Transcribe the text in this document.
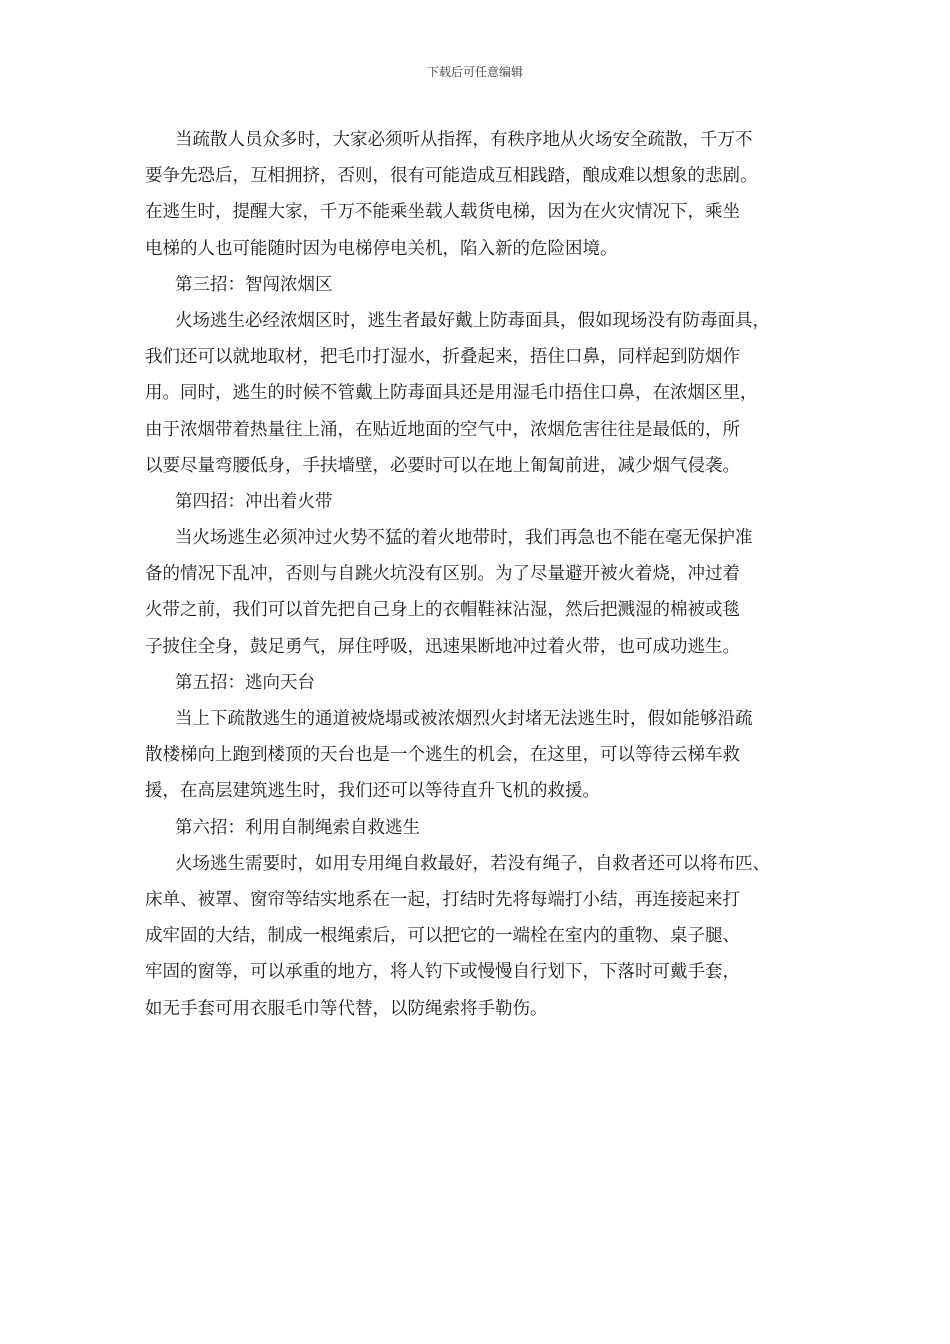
下载后可任意编辑
当疏散人员众多时，大家必须听从指挥，有秩序地从火场安全疏散，千万不
要争先恐后，互相拥挤，否则，很有可能造成互相践踏，酿成难以想象的悲剧。
在逃生时，提醒大家，千万不能乘坐载人载货电梯，因为在火灾情况下，乘坐
电梯的人也可能随时因为电梯停电关机，陷入新的危险困境。
第三招：智闯浓烟区
火场逃生必经浓烟区时，逃生者最好戴上防毒面具，假如现场没有防毒面具，
我们还可以就地取材，把毛巾打湿水，折叠起来，捂住口鼻，同样起到防烟作
用。同时，逃生的时候不管戴上防毒面具还是用湿毛巾捂住口鼻，在浓烟区里，
由于浓烟带着热量往上涌，在贴近地面的空气中，浓烟危害往往是最低的，所
以要尽量弯腰低身，手扶墙壁，必要时可以在地上匍匐前进，减少烟气侵袭。
第四招：冲出着火带
当火场逃生必须冲过火势不猛的着火地带时，我们再急也不能在毫无保护准
备的情况下乱冲，否则与自跳火坑没有区别。为了尽量避开被火着烧，冲过着
火带之前，我们可以首先把自己身上的衣帽鞋袜沾湿，然后把溅湿的棉被或毯
子披住全身，鼓足勇气，屏住呼吸，迅速果断地冲过着火带，也可成功逃生。
第五招：逃向天台
当上下疏散逃生的通道被烧塌或被浓烟烈火封堵无法逃生时，假如能够沿疏
散楼梯向上跑到楼顶的天台也是一个逃生的机会，在这里，可以等待云梯车救
援，在高层建筑逃生时，我们还可以等待直升飞机的救援。
第六招：利用自制绳索自救逃生
火场逃生需要时，如用专用绳自救最好，若没有绳子，自救者还可以将布匹、
床单、被罩、窗帘等结实地系在一起，打结时先将每端打小结，再连接起来打
成牢固的大结，制成一根绳索后，可以把它的一端栓在室内的重物、桌子腿、
牢固的窗等，可以承重的地方，将人钓下或慢慢自行划下，下落时可戴手套，
如无手套可用衣服毛巾等代替，以防绳索将手勒伤。
